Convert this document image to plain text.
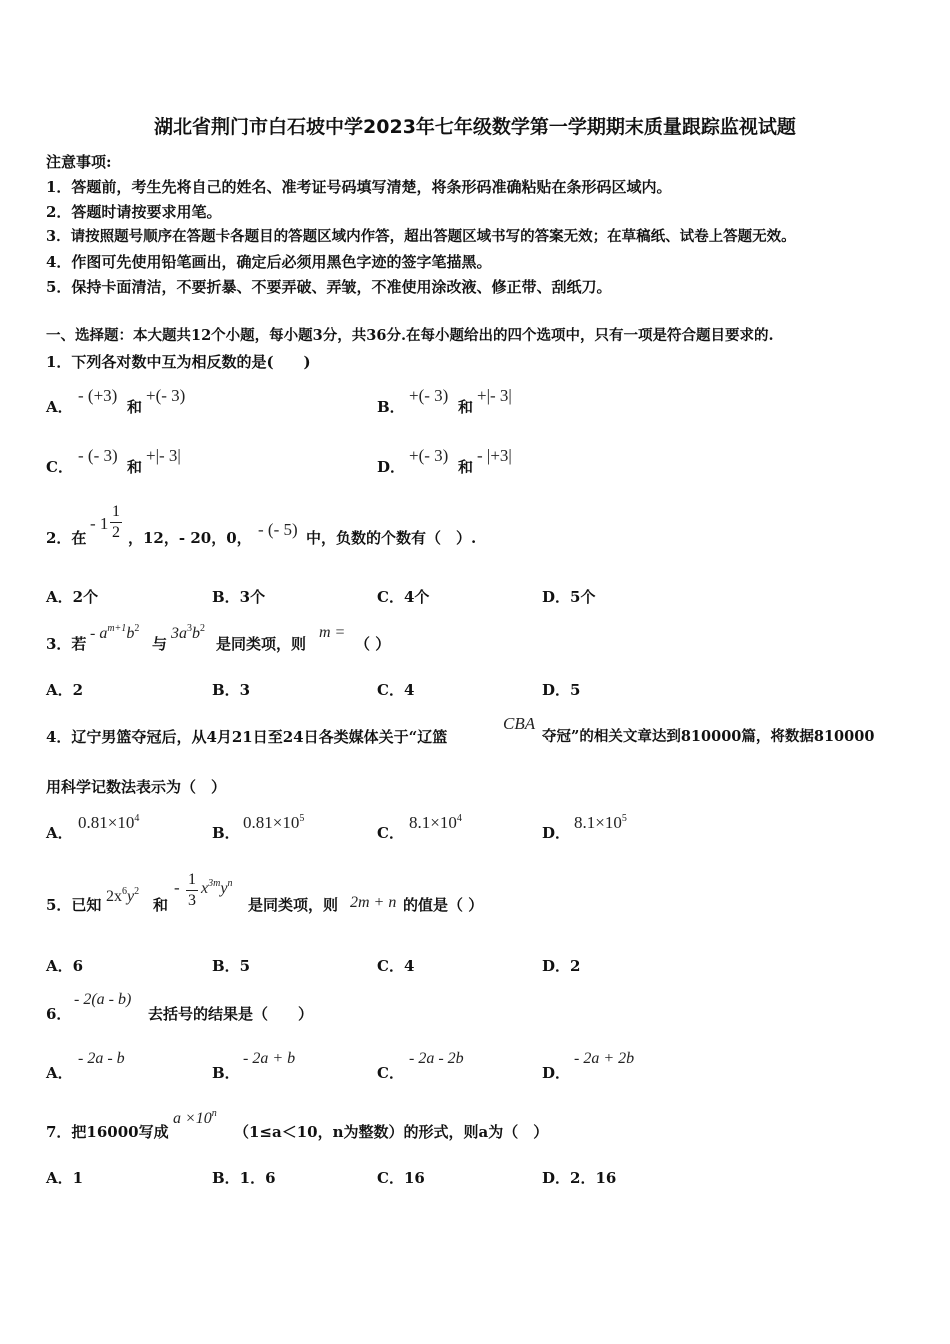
湖北省荆门市白石坡中学2023年七年级数学第一学期期末质量跟踪监视试题
注意事项:
1．答题前，考生先将自己的姓名、准考证号码填写清楚，将条形码准确粘贴在条形码区域内。
2．答题时请按要求用笔。
3．请按照题号顺序在答题卡各题目的答题区域内作答，超出答题区域书写的答案无效；在草稿纸、试卷上答题无效。
4．作图可先使用铅笔画出，确定后必须用黑色字迹的签字笔描黑。
5．保持卡面清洁，不要折暴、不要弄破、弄皱，不准使用涂改液、修正带、刮纸刀。
一、选择题：本大题共12个小题，每小题3分，共36分.在每小题给出的四个选项中，只有一项是符合题目要求的.
1．下列各对数中互为相反数的是(　　)
A．
- (+3)
和
+(- 3)
B．
+(- 3)
和
+|- 3|
C．
- (- 3)
和
+|- 3|
D．
+(- 3)
和
- |+3|
2．在
- 1
1
2 ，12，- 20，0， - (- 5) 中，负数的个数有（　）.
A．2个	B．3个	C．4个	D．5个
3．若
- $a^{m+1}b^2$
与
$3a^3b^2$
是同类项，则
m =
（ ）
A．2	B．3	C．4	D．5
4．辽宁男篮夺冠后，从4月21日至24日各类媒体关于“辽篮
CBA
夺冠”的相关文章达到810000篇，将数据810000
用科学记数法表示为（　）
A．
$0.81\times 10^4$
B．
$0.81\times 10^5$
C．
$8.1\times 10^4$
D．
$8.1\times 10^5$
5．已知 $2x^6y^2$
和
- 1
3
$x^{3m}y^n$
是同类项，则 2m + n 的值是（ ）
A．6	B．5	C．4	D．2
6．
- 2(a - b)
去括号的结果是（　　）
A．
- 2a - b
B．
- 2a + b
C．
- 2a - 2b
D．
- 2a + 2b
7．把16000写成
$a \times 10^n$
（1≤a＜10，n为整数）的形式，则a为（　）
A．1	B．1．6	C．16	D．2．16
